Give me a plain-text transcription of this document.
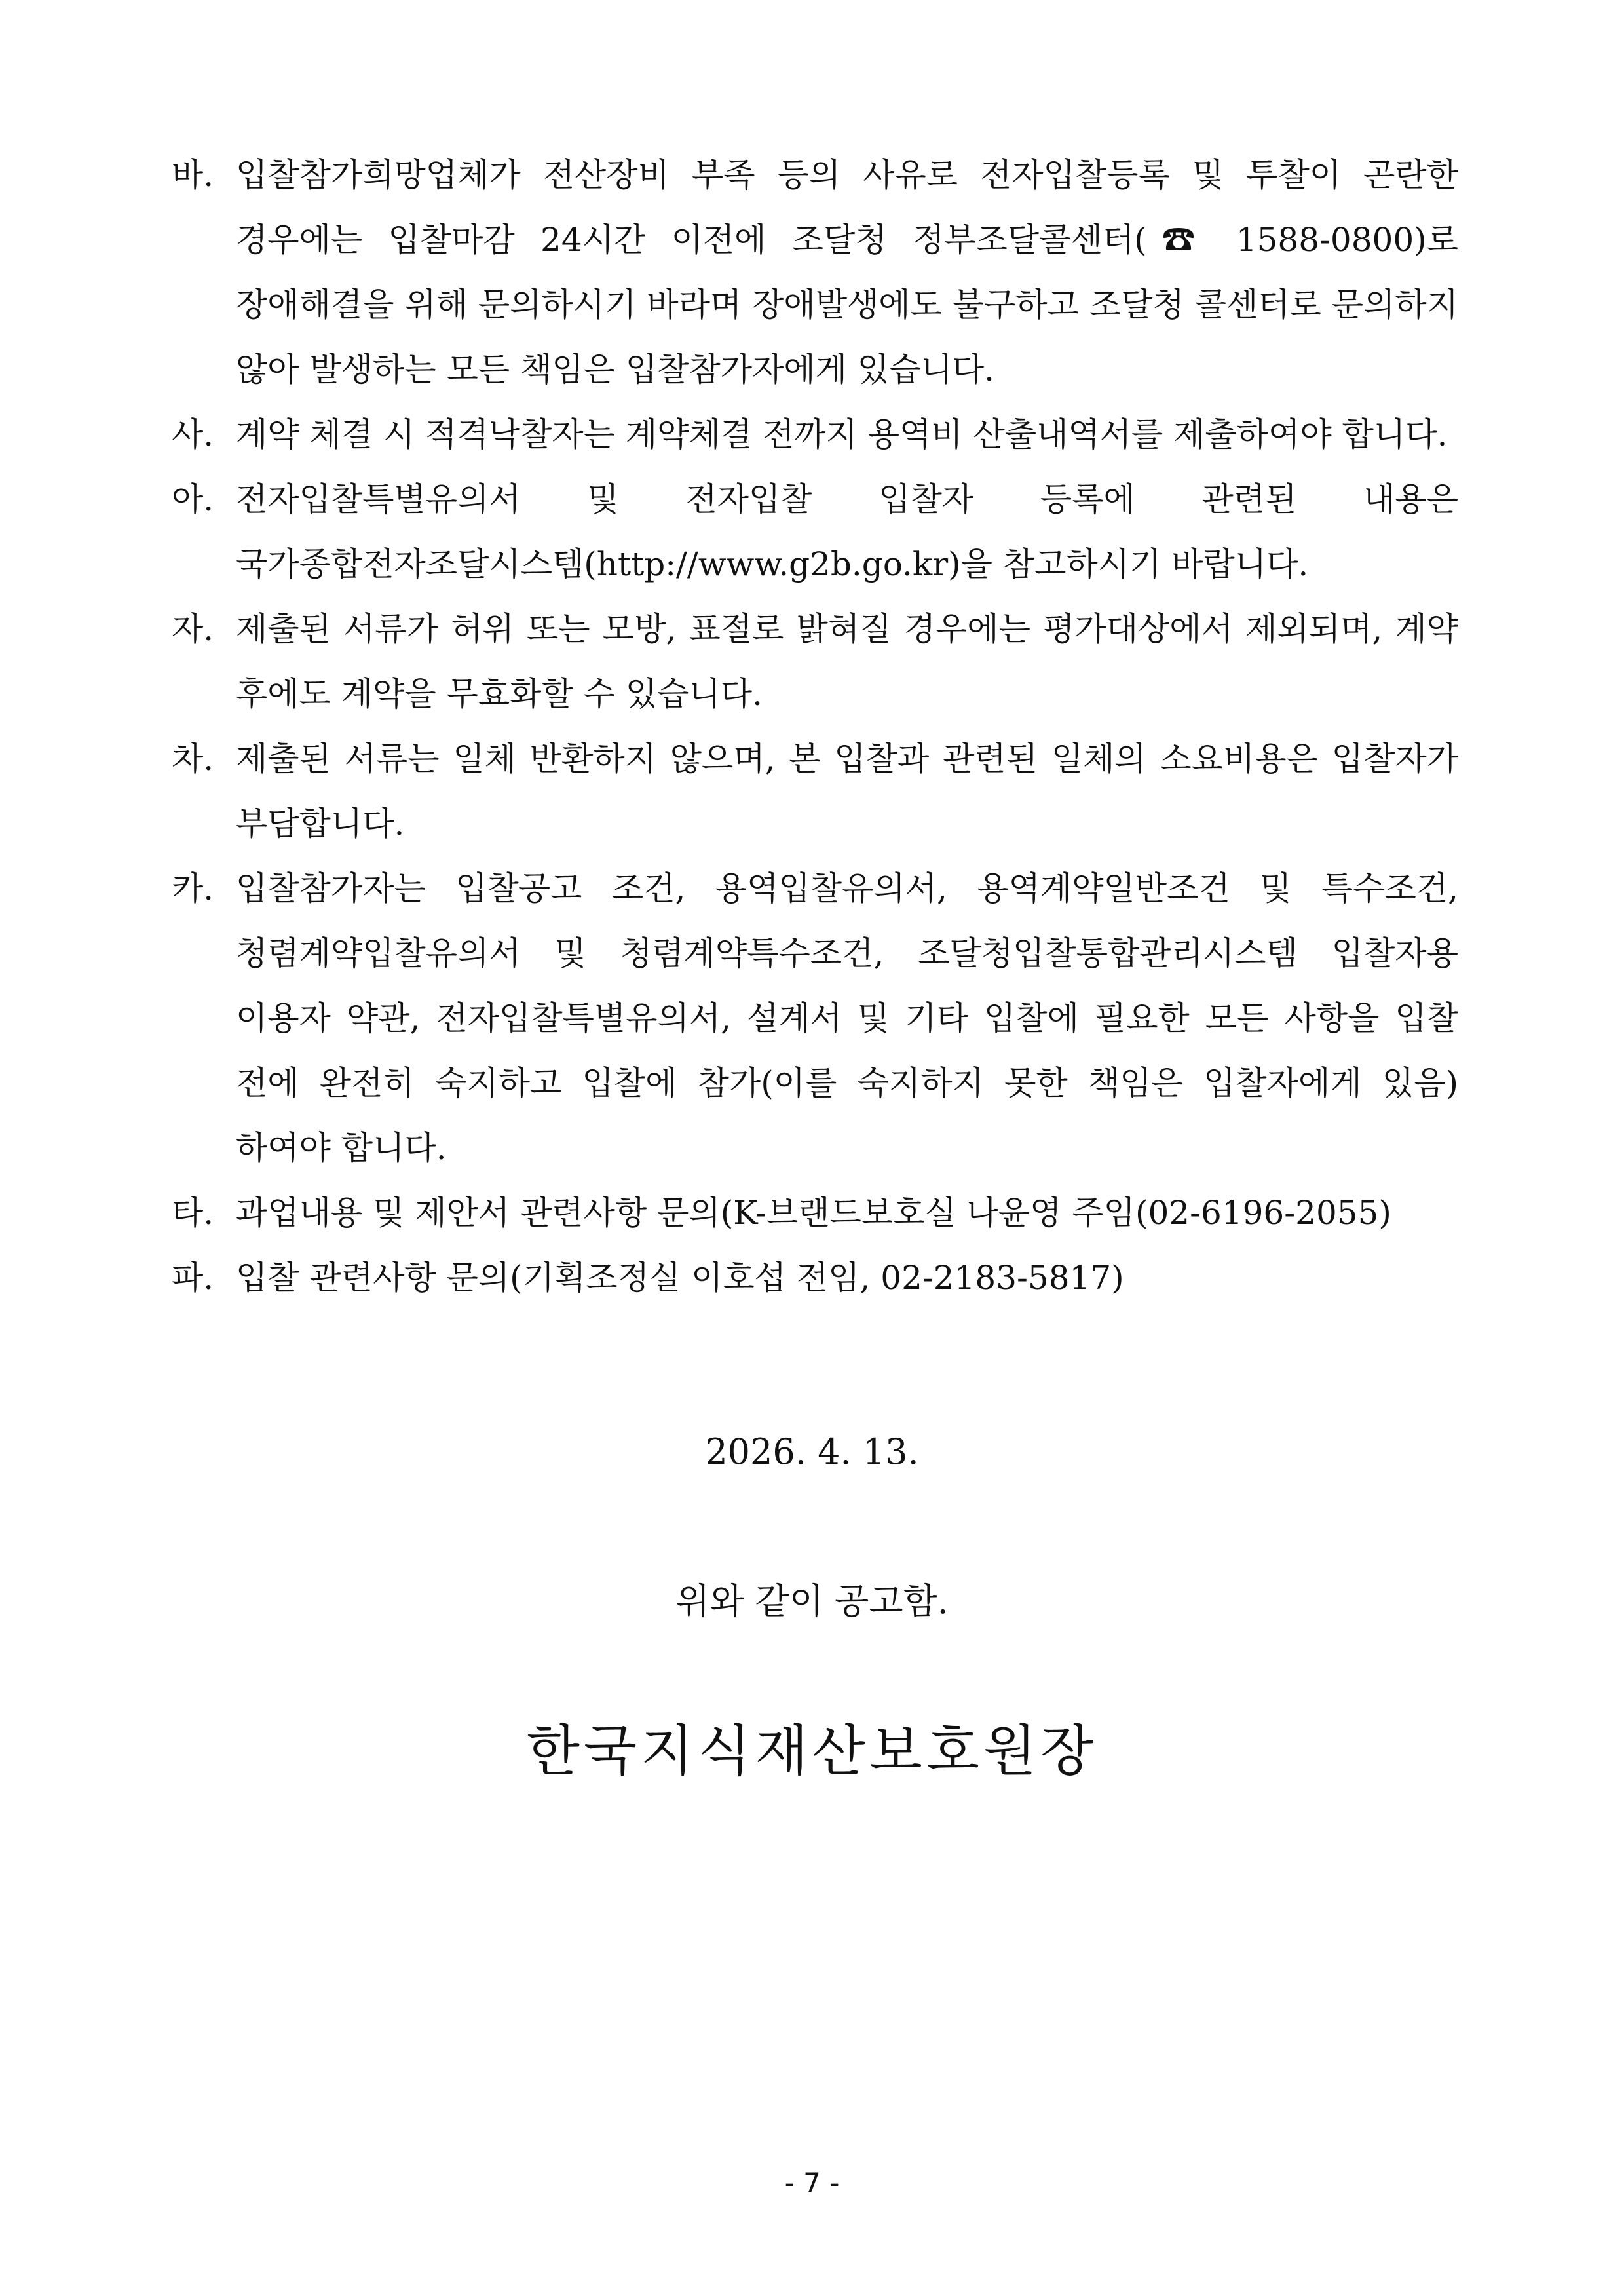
바. 입찰참가희망업체가 전산장비 부족 등의 사유로 전자입찰등록 및 투찰이 곤란한 경우에는 입찰마감 24시간 이전에 조달청 정부조달콜센터(☎ 1588-0800)로 장애해결을 위해 문의하시기 바라며 장애발생에도 불구하고 조달청 콜센터로 문의하지 않아 발생하는 모든 책임은 입찰참가자에게 있습니다.
사. 계약 체결 시 적격낙찰자는 계약체결 전까지 용역비 산출내역서를 제출하여야 합니다.
아. 전자입찰특별유의서 및 전자입찰 입찰자 등록에 관련된 내용은 국가종합전자조달시스템(http://www.g2b.go.kr)을 참고하시기 바랍니다.
자. 제출된 서류가 허위 또는 모방, 표절로 밝혀질 경우에는 평가대상에서 제외되며, 계약 후에도 계약을 무효화할 수 있습니다.
차. 제출된 서류는 일체 반환하지 않으며, 본 입찰과 관련된 일체의 소요비용은 입찰자가 부담합니다.
카. 입찰참가자는 입찰공고 조건, 용역입찰유의서, 용역계약일반조건 및 특수조건, 청렴계약입찰유의서 및 청렴계약특수조건, 조달청입찰통합관리시스템 입찰자용 이용자 약관, 전자입찰특별유의서, 설계서 및 기타 입찰에 필요한 모든 사항을 입찰 전에 완전히 숙지하고 입찰에 참가(이를 숙지하지 못한 책임은 입찰자에게 있음)하여야 합니다.
타. 과업내용 및 제안서 관련사항 문의(K-브랜드보호실 나윤영 주임(02-6196-2055)
파. 입찰 관련사항 문의(기획조정실 이호섭 전임, 02-2183-5817)
2026. 4. 13.
위와 같이 공고함.
한국지식재산보호원장
- 7 -
